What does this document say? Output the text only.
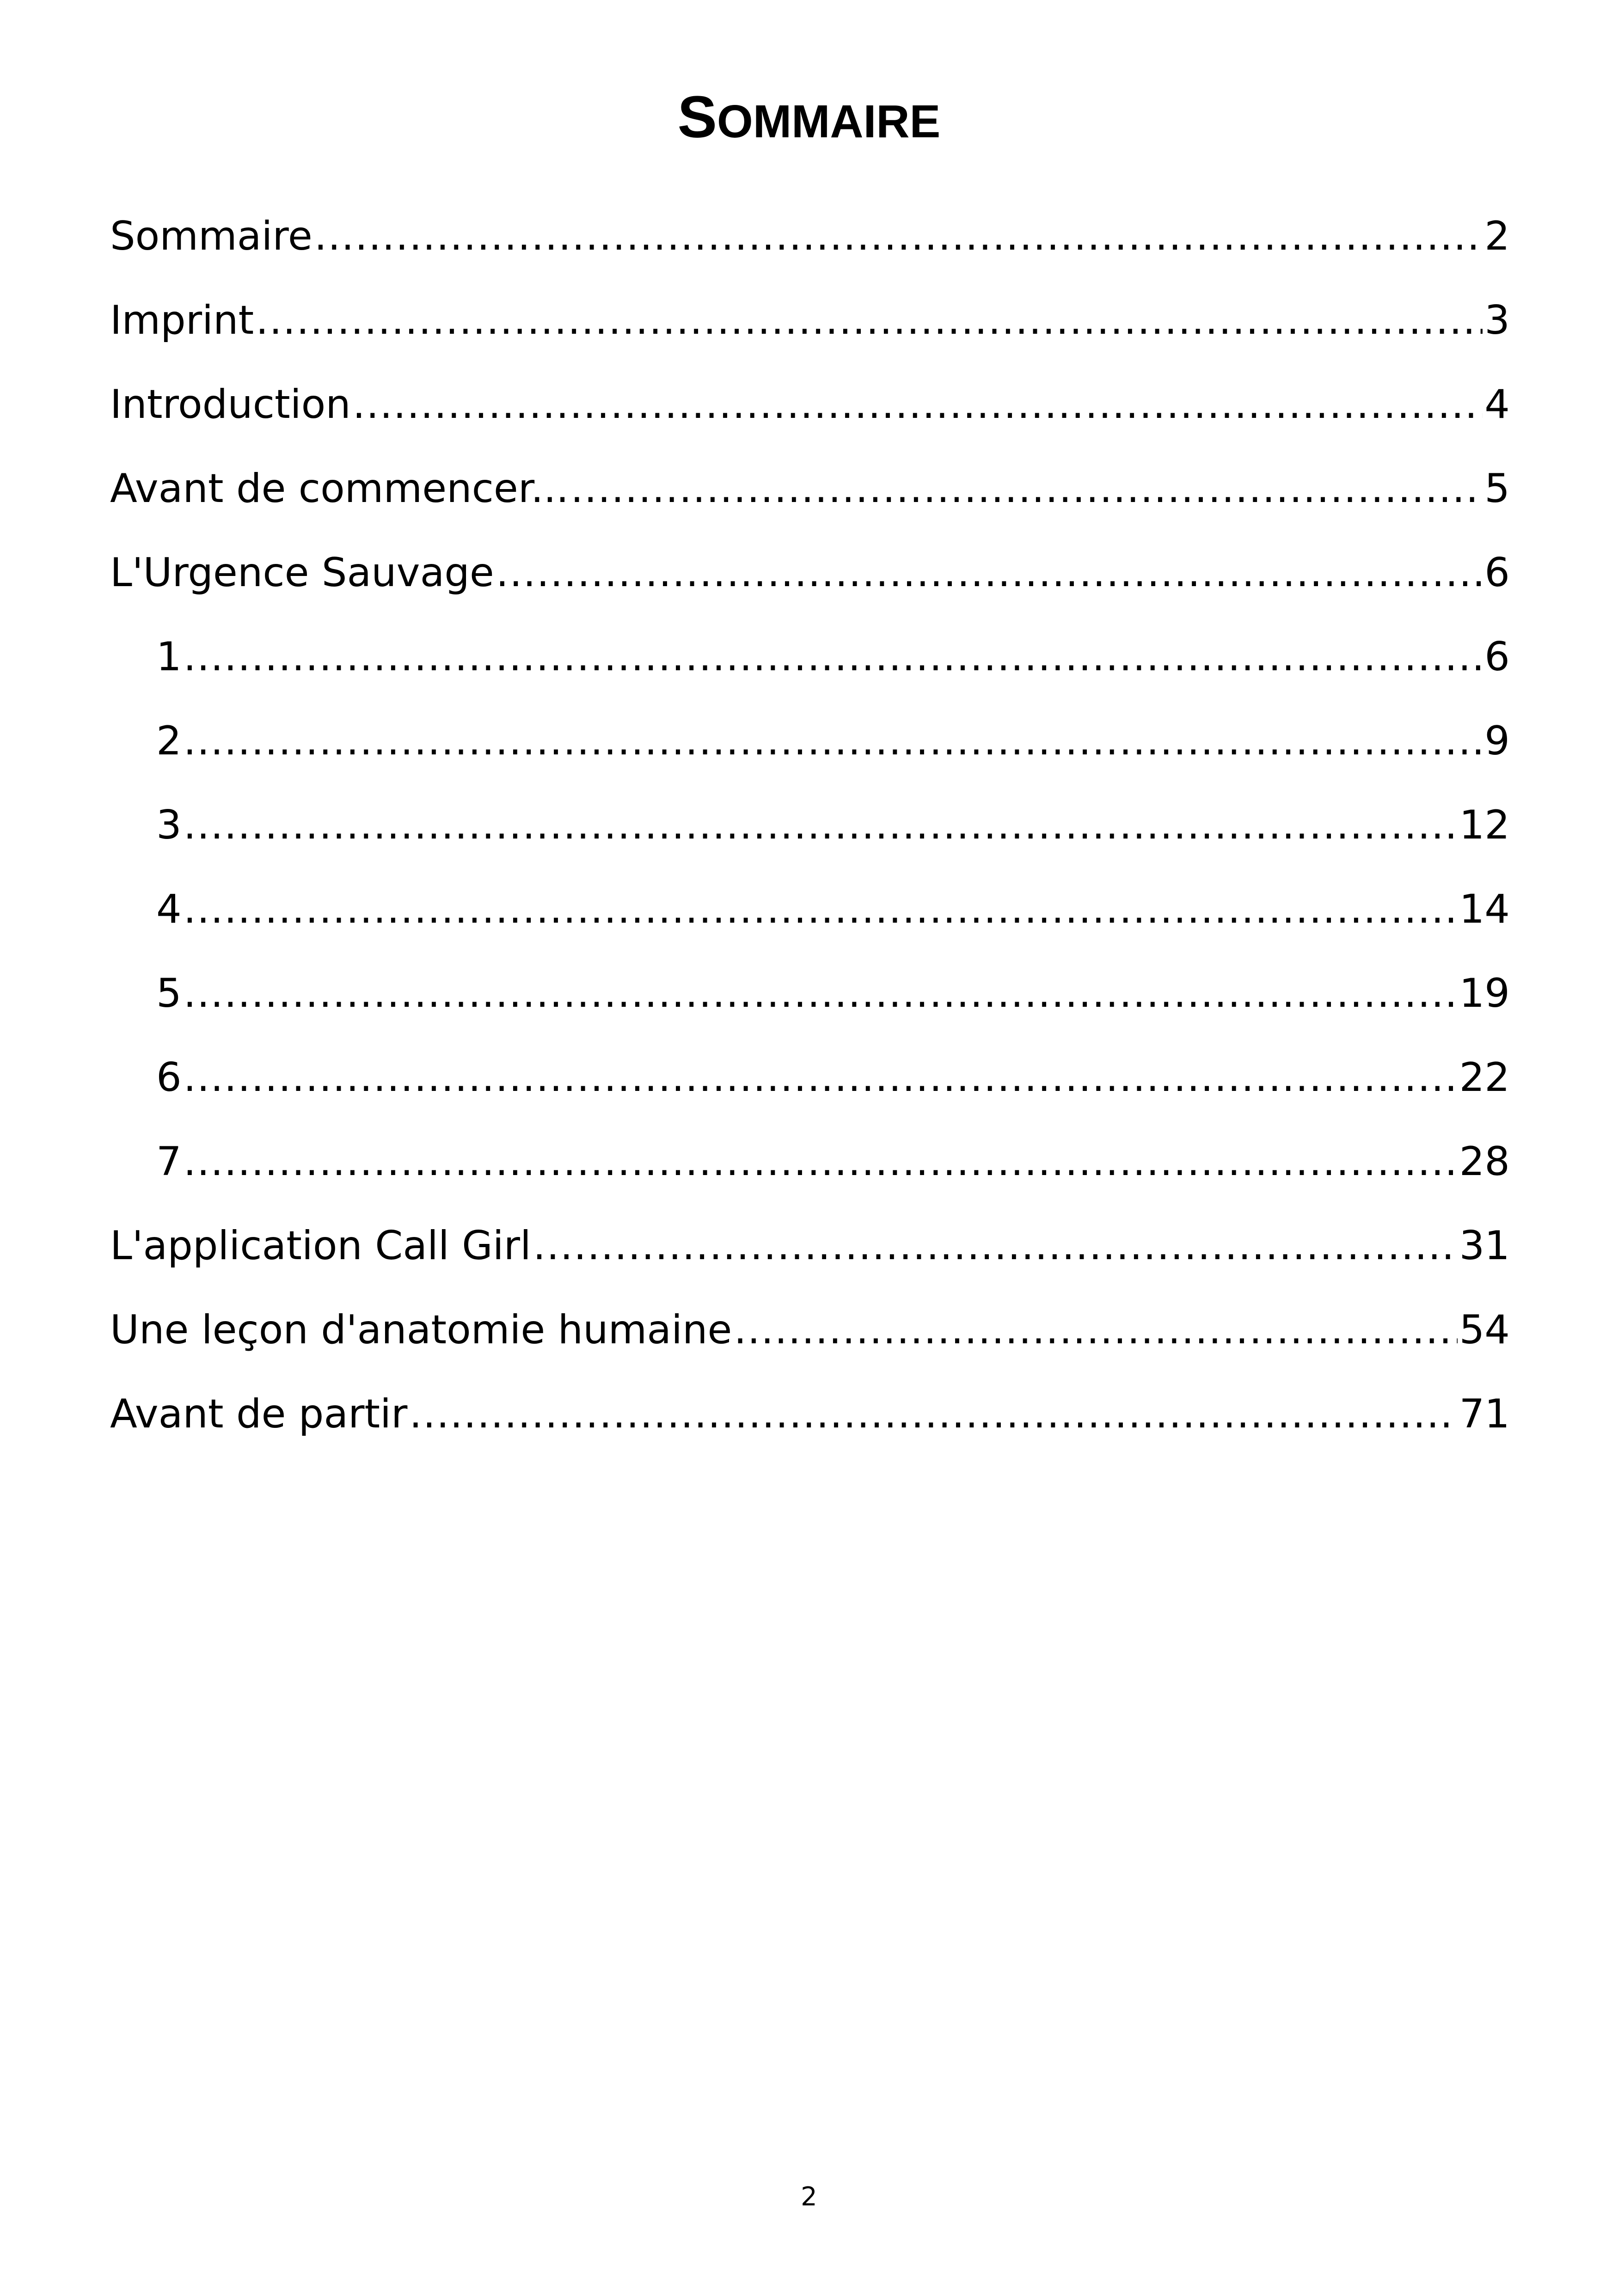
SOMMAIRE
Sommaire .....	2
Imprint .....	3
Introduction .....	4
Avant de commencer... .....	5
L'Urgence Sauvage .....	6
1 .....	6
2 .....	9
3 .....	12
4 .....	14
5 .....	19
6 .....	22
7 .....	28
L'application Call Girl .....	31
Une leçon d'anatomie humaine .....	54
Avant de partir .....	71
2
